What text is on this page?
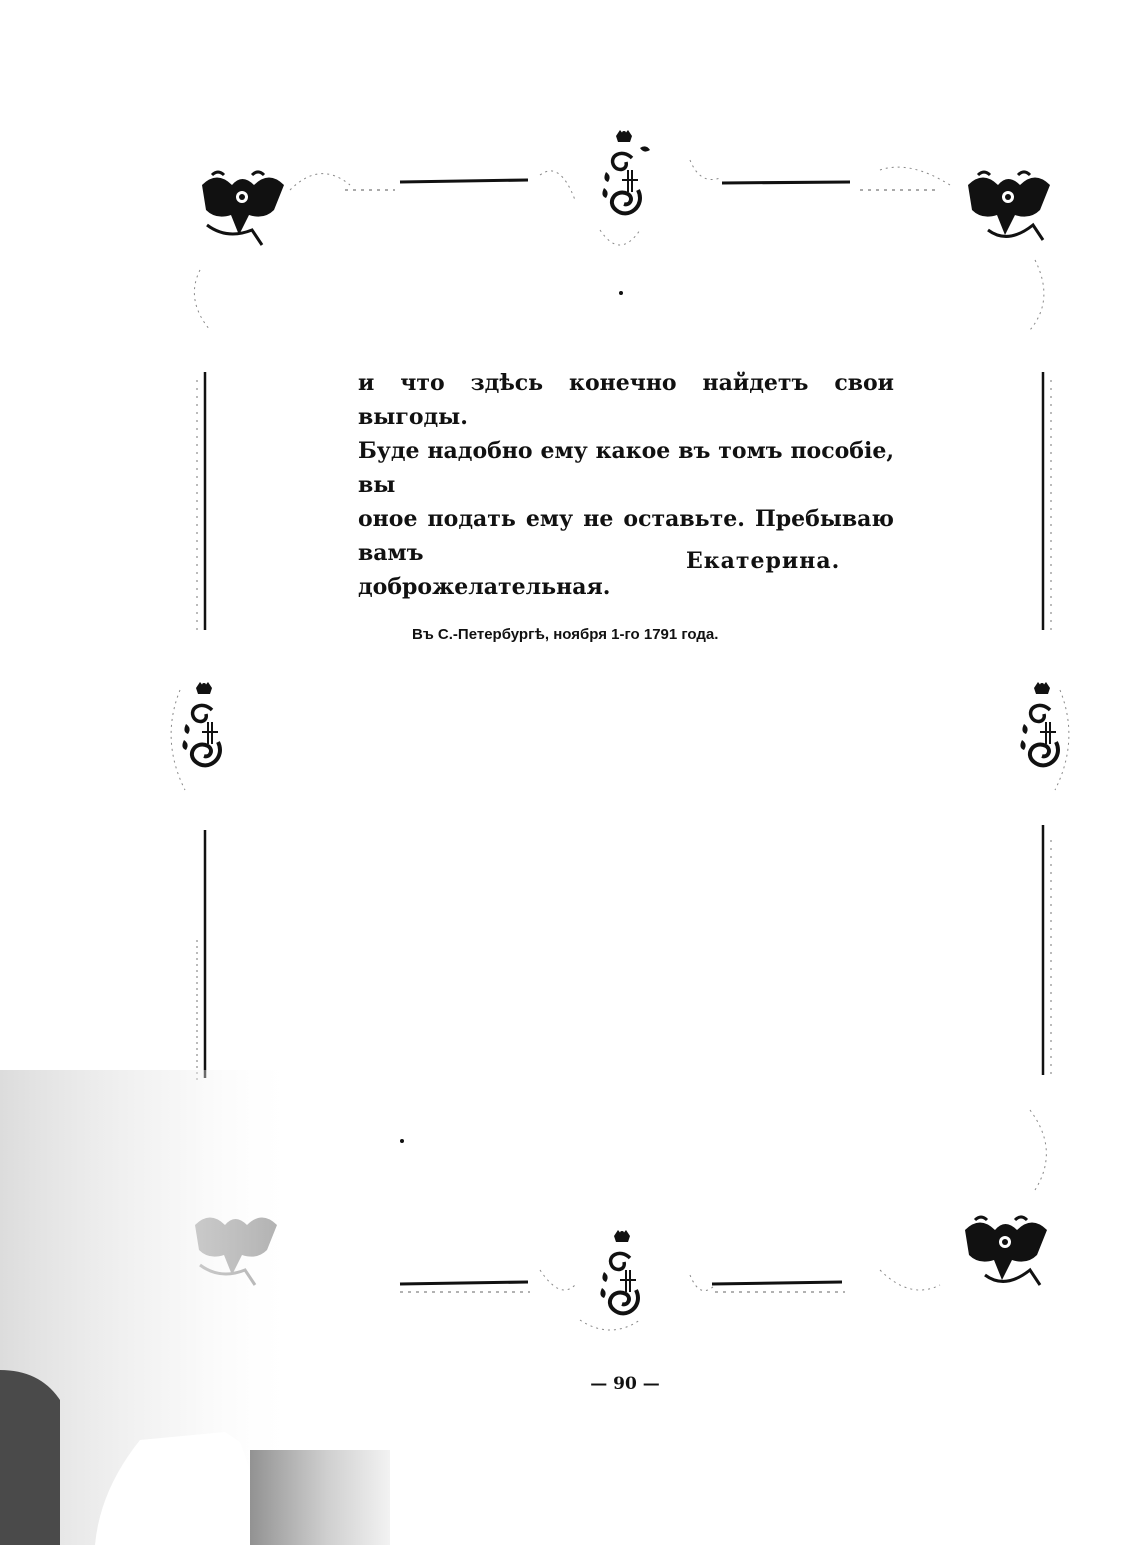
и что здѣсь конечно найдетъ свои выгоды.
Буде надобно ему какое въ томъ пособіе, вы
оное подать ему не оставьте. Пребываю вамъ
доброжелательная.
Екатерина.
Въ С.-Петербургѣ, ноября 1-го 1791 года.
— 90 —
